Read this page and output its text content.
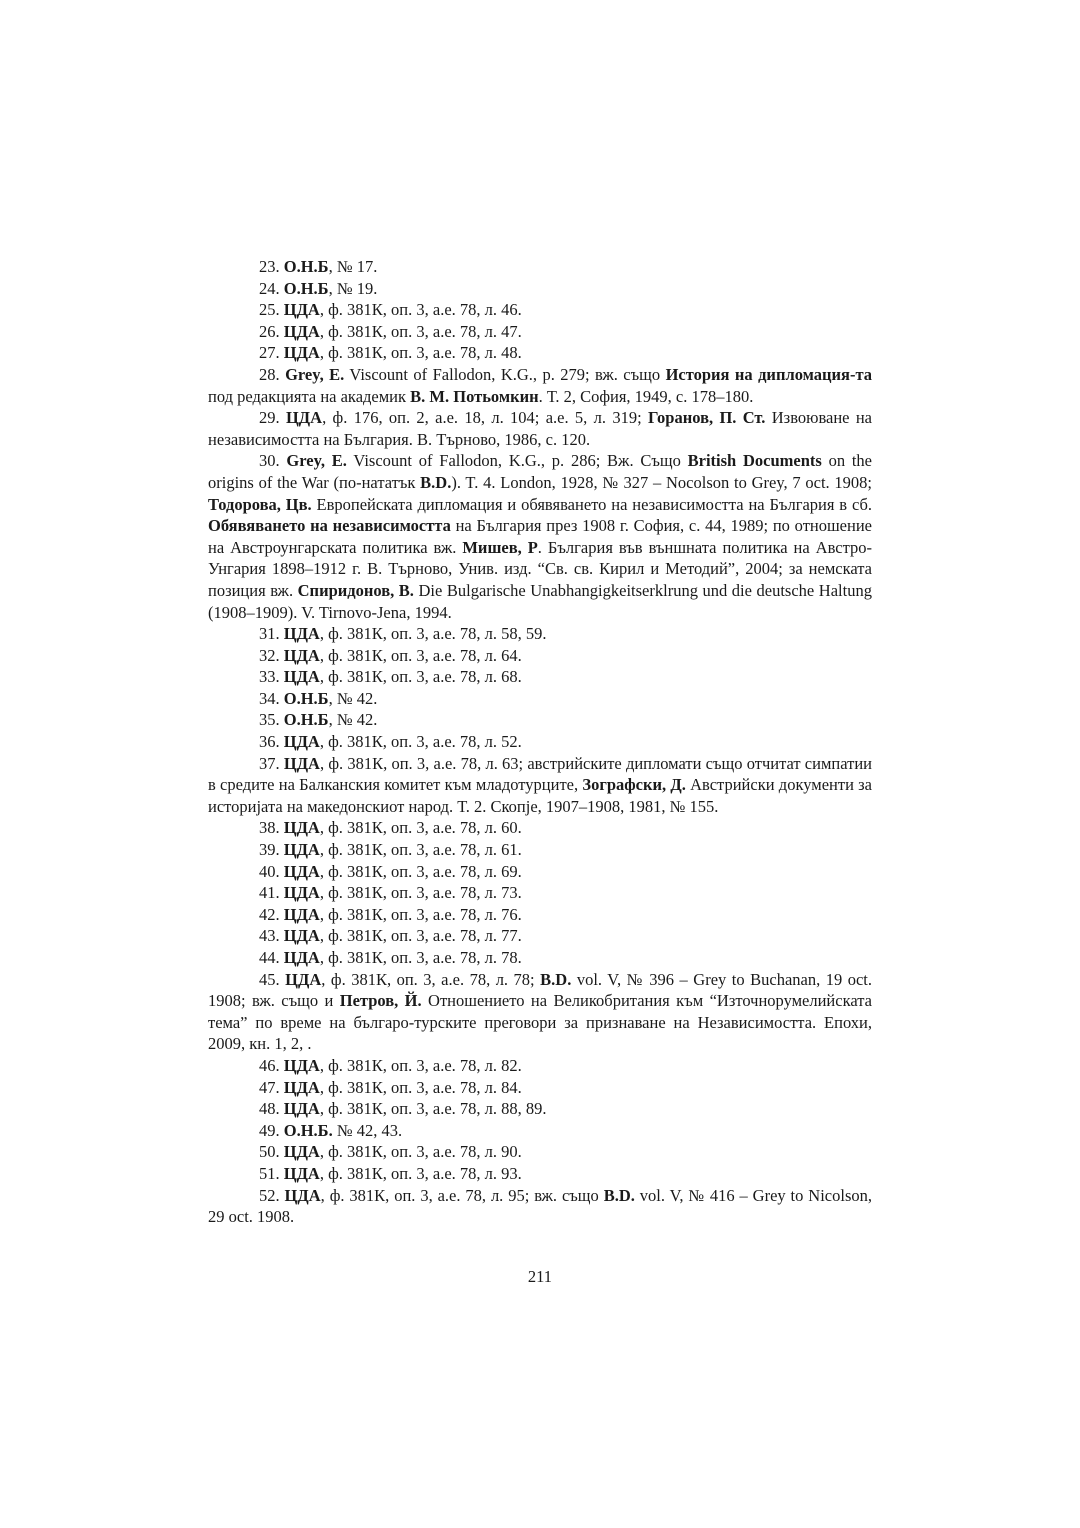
23. О.Н.Б, № 17.

24. О.Н.Б, № 19.

25. ЦДА, ф. 381К, оп. 3, а.е. 78, л. 46.

26. ЦДА, ф. 381К, оп. 3, а.е. 78, л. 47.

27. ЦДА, ф. 381К, оп. 3, а.е. 78, л. 48.

28. Grey, E. Viscount of Fallodon, K.G., p. 279; вж. също История на дипломация-та под редакцията на академик В. М. Потьомкин. Т. 2, София, 1949, с. 178–180.

29. ЦДА, ф. 176, оп. 2, а.е. 18, л. 104; а.е. 5, л. 319; Горанов, П. Ст. Извоюване на независимостта на България. В. Търново, 1986, с. 120.

30. Grey, E. Viscount of Fallodon, K.G., p. 286; Вж. Също British Documents on the origins of the War (по-нататък B.D.). T. 4. London, 1928, № 327 – Nocolson to Grey, 7 oct. 1908; Тодорова, Цв. Европейската дипломация и обявяването на независимостта на България в сб. Обявяването на независимостта на България през 1908 г. София, с. 44, 1989; по отношение на Австроунгарската политика вж. Мишев, Р. България във външната политика на Австро-Унгария 1898–1912 г. В. Търново, Унив. изд. “Св. св. Кирил и Методий”, 2004; за немската позиция вж. Спиридонов, В. Die Bulgarische Unabhangigkeitserklrung und die deutsche Haltung (1908–1909). V. Tirnovo-Jena, 1994.

31. ЦДА, ф. 381К, оп. 3, а.е. 78, л. 58, 59.

32. ЦДА, ф. 381К, оп. 3, а.е. 78, л. 64.

33. ЦДА, ф. 381К, оп. 3, а.е. 78, л. 68.

34. О.Н.Б, № 42.

35. О.Н.Б, № 42.

36. ЦДА, ф. 381К, оп. 3, а.е. 78, л. 52.

37. ЦДА, ф. 381К, оп. 3, а.е. 78, л. 63; австрийските дипломати също отчитат симпатии в средите на Балканския комитет към младотурците, Зографски, Д. Австрийски документи за историјата на македонскиот народ. Т. 2. Скопје, 1907–1908, 1981, № 155.

38. ЦДА, ф. 381К, оп. 3, а.е. 78, л. 60.

39. ЦДА, ф. 381К, оп. 3, а.е. 78, л. 61.

40. ЦДА, ф. 381К, оп. 3, а.е. 78, л. 69.

41. ЦДА, ф. 381К, оп. 3, а.е. 78, л. 73.

42. ЦДА, ф. 381К, оп. 3, а.е. 78, л. 76.

43. ЦДА, ф. 381К, оп. 3, а.е. 78, л. 77.

44. ЦДА, ф. 381К, оп. 3, а.е. 78, л. 78.

45. ЦДА, ф. 381К, оп. 3, а.е. 78, л. 78; B.D. vol. V, № 396 – Grey to Buchanan, 19 oct. 1908; вж. също и Петров, Й. Отношението на Великобритания към “Източнорумелийската тема” по време на българо-турските преговори за признаване на Независимостта. Епохи, 2009, кн. 1, 2, .

46. ЦДА, ф. 381К, оп. 3, а.е. 78, л. 82.

47. ЦДА, ф. 381К, оп. 3, а.е. 78, л. 84.

48. ЦДА, ф. 381К, оп. 3, а.е. 78, л. 88, 89.

49. О.Н.Б. № 42, 43.

50. ЦДА, ф. 381К, оп. 3, а.е. 78, л. 90.

51. ЦДА, ф. 381К, оп. 3, а.е. 78, л. 93.

52. ЦДА, ф. 381К, оп. 3, а.е. 78, л. 95; вж. също B.D. vol. V, № 416 – Grey to Nicolson, 29 oct. 1908.

211
